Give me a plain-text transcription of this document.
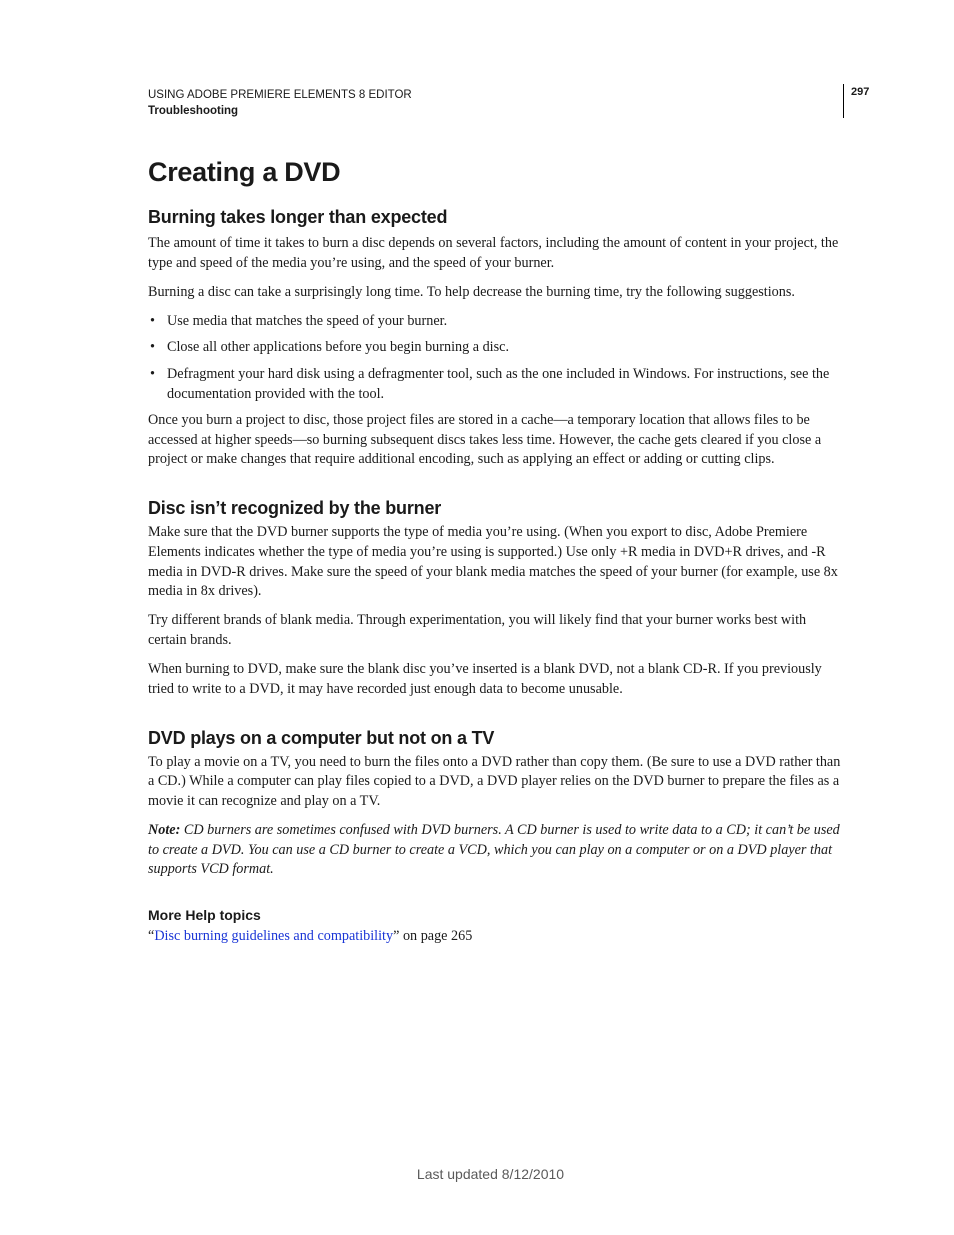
USING ADOBE PREMIERE ELEMENTS 8 EDITOR
Troubleshooting
297
Creating a DVD
Burning takes longer than expected

The amount of time it takes to burn a disc depends on several factors, including the amount of content in your project, the type and speed of the media you’re using, and the speed of your burner.

Burning a disc can take a surprisingly long time. To help decrease the burning time, try the following suggestions.

• Use media that matches the speed of your burner.
• Close all other applications before you begin burning a disc.
• Defragment your hard disk using a defragmenter tool, such as the one included in Windows. For instructions, see the documentation provided with the tool.

Once you burn a project to disc, those project files are stored in a cache—a temporary location that allows files to be accessed at higher speeds—so burning subsequent discs takes less time. However, the cache gets cleared if you close a project or make changes that require additional encoding, such as applying an effect or adding or cutting clips.

Disc isn’t recognized by the burner

Make sure that the DVD burner supports the type of media you’re using. (When you export to disc, Adobe Premiere Elements indicates whether the type of media you’re using is supported.) Use only +R media in DVD+R drives, and -R media in DVD-R drives. Make sure the speed of your blank media matches the speed of your burner (for example, use 8x media in 8x drives).

Try different brands of blank media. Through experimentation, you will likely find that your burner works best with certain brands.

When burning to DVD, make sure the blank disc you’ve inserted is a blank DVD, not a blank CD-R. If you previously tried to write to a DVD, it may have recorded just enough data to become unusable.

DVD plays on a computer but not on a TV

To play a movie on a TV, you need to burn the files onto a DVD rather than copy them. (Be sure to use a DVD rather than a CD.) While a computer can play files copied to a DVD, a DVD player relies on the DVD burner to prepare the files as a movie it can recognize and play on a TV.

Note: CD burners are sometimes confused with DVD burners. A CD burner is used to write data to a CD; it can’t be used to create a DVD. You can use a CD burner to create a VCD, which you can play on a computer or on a DVD player that supports VCD format.

More Help topics

“Disc burning guidelines and compatibility” on page 265

Last updated 8/12/2010
